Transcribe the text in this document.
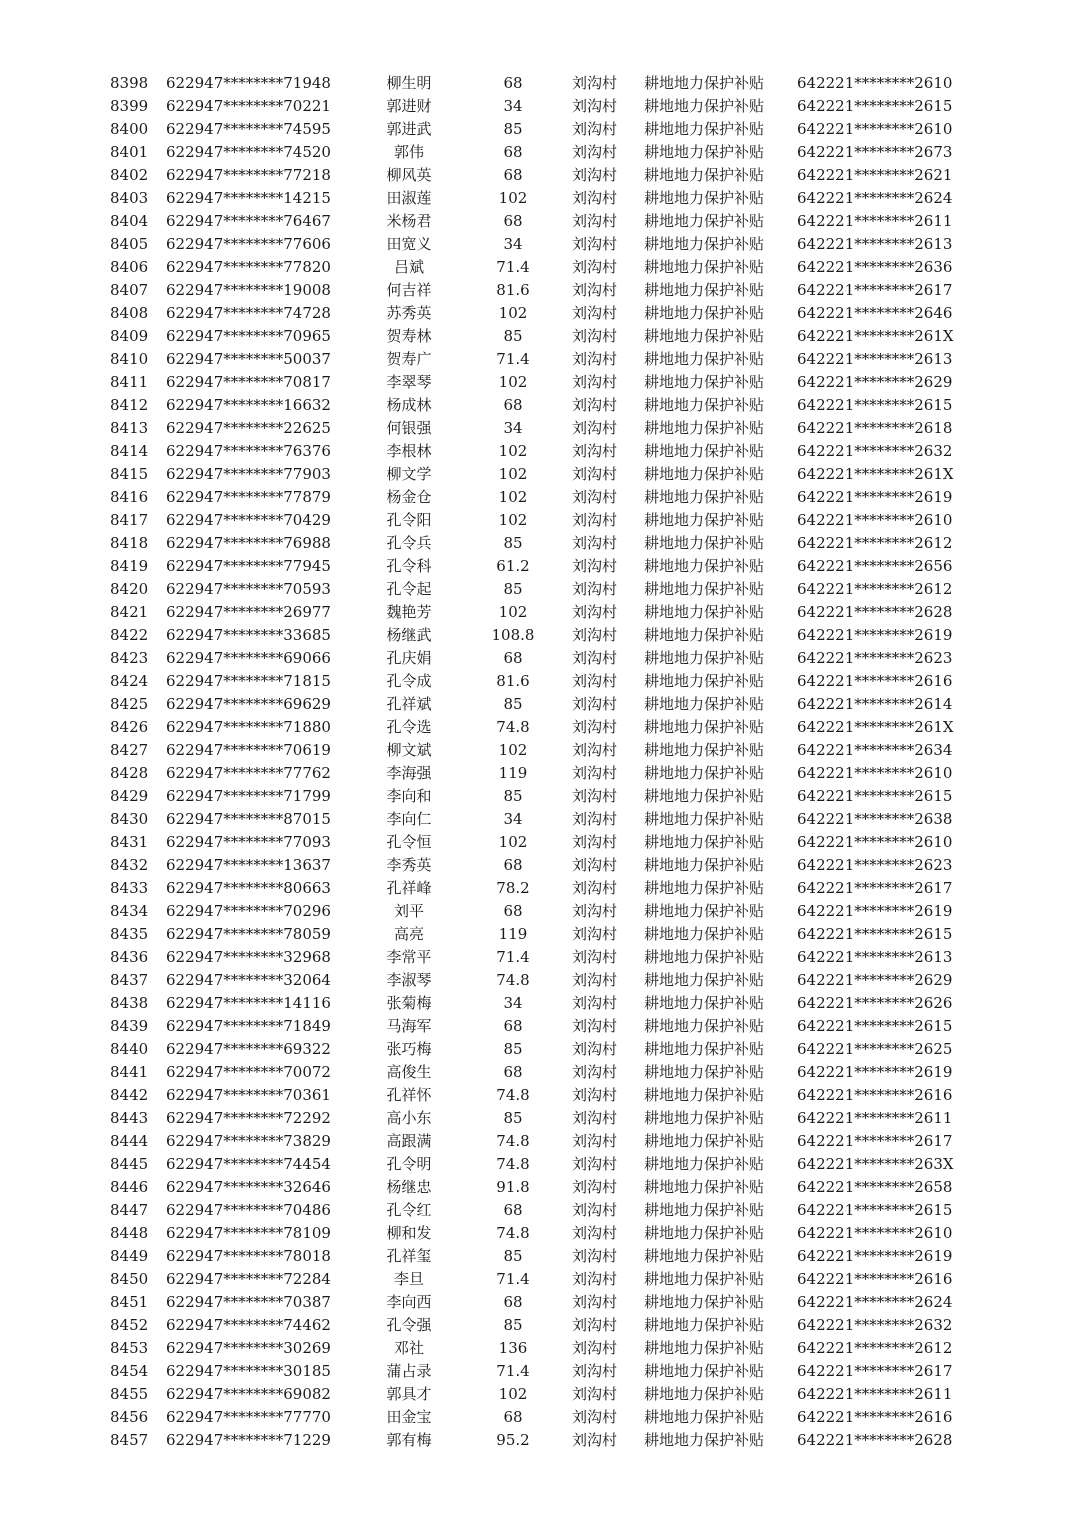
8398 622947********71948	柳生明	68	刘沟村 耕地地力保护补贴 642221********2610
8399 622947********70221	郭进财	34	刘沟村 耕地地力保护补贴 642221********2615
8400 622947********74595	郭进武	85	刘沟村 耕地地力保护补贴 642221********2610
8401 622947********74520	郭伟	68	刘沟村 耕地地力保护补贴 642221********2673
8402 622947********77218	柳风英	68	刘沟村 耕地地力保护补贴 642221********2621
8403 622947********14215	田淑莲	102	刘沟村 耕地地力保护补贴 642221********2624
8404 622947********76467	米杨君	68	刘沟村 耕地地力保护补贴 642221********2611
8405 622947********77606	田宽义	34	刘沟村 耕地地力保护补贴 642221********2613
8406 622947********77820	吕斌	71.4	刘沟村 耕地地力保护补贴 642221********2636
8407 622947********19008	何吉祥	81.6	刘沟村 耕地地力保护补贴 642221********2617
8408 622947********74728	苏秀英	102	刘沟村 耕地地力保护补贴 642221********2646
8409 622947********70965	贺寿林	85	刘沟村 耕地地力保护补贴 642221********261X
8410 622947********50037	贺寿广	71.4	刘沟村 耕地地力保护补贴 642221********2613
8411 622947********70817	李翠琴	102	刘沟村 耕地地力保护补贴 642221********2629
8412 622947********16632	杨成林	68	刘沟村 耕地地力保护补贴 642221********2615
8413 622947********22625	何银强	34	刘沟村 耕地地力保护补贴 642221********2618
8414 622947********76376	李根林	102	刘沟村 耕地地力保护补贴 642221********2632
8415 622947********77903	柳文学	102	刘沟村 耕地地力保护补贴 642221********261X
8416 622947********77879	杨金仓	102	刘沟村 耕地地力保护补贴 642221********2619
8417 622947********70429	孔令阳	102	刘沟村 耕地地力保护补贴 642221********2610
8418 622947********76988	孔令兵	85	刘沟村 耕地地力保护补贴 642221********2612
8419 622947********77945	孔令科	61.2	刘沟村 耕地地力保护补贴 642221********2656
8420 622947********70593	孔令起	85	刘沟村 耕地地力保护补贴 642221********2612
8421 622947********26977	魏艳芳	102	刘沟村 耕地地力保护补贴 642221********2628
8422 622947********33685	杨继武	108.8	刘沟村 耕地地力保护补贴 642221********2619
8423 622947********69066	孔庆娟	68	刘沟村 耕地地力保护补贴 642221********2623
8424 622947********71815	孔令成	81.6	刘沟村 耕地地力保护补贴 642221********2616
8425 622947********69629	孔祥斌	85	刘沟村 耕地地力保护补贴 642221********2614
8426 622947********71880	孔令选	74.8	刘沟村 耕地地力保护补贴 642221********261X
8427 622947********70619	柳文斌	102	刘沟村 耕地地力保护补贴 642221********2634
8428 622947********77762	李海强	119	刘沟村 耕地地力保护补贴 642221********2610
8429 622947********71799	李向和	85	刘沟村 耕地地力保护补贴 642221********2615
8430 622947********87015	李向仁	34	刘沟村 耕地地力保护补贴 642221********2638
8431 622947********77093	孔令恒	102	刘沟村 耕地地力保护补贴 642221********2610
8432 622947********13637	李秀英	68	刘沟村 耕地地力保护补贴 642221********2623
8433 622947********80663	孔祥峰	78.2	刘沟村 耕地地力保护补贴 642221********2617
8434 622947********70296	刘平	68	刘沟村 耕地地力保护补贴 642221********2619
8435 622947********78059	高亮	119	刘沟村 耕地地力保护补贴 642221********2615
8436 622947********32968	李常平	71.4	刘沟村 耕地地力保护补贴 642221********2613
8437 622947********32064	李淑琴	74.8	刘沟村 耕地地力保护补贴 642221********2629
8438 622947********14116	张菊梅	34	刘沟村 耕地地力保护补贴 642221********2626
8439 622947********71849	马海军	68	刘沟村 耕地地力保护补贴 642221********2615
8440 622947********69322	张巧梅	85	刘沟村 耕地地力保护补贴 642221********2625
8441 622947********70072	高俊生	68	刘沟村 耕地地力保护补贴 642221********2619
8442 622947********70361	孔祥怀	74.8	刘沟村 耕地地力保护补贴 642221********2616
8443 622947********72292	高小东	85	刘沟村 耕地地力保护补贴 642221********2611
8444 622947********73829	高跟满	74.8	刘沟村 耕地地力保护补贴 642221********2617
8445 622947********74454	孔令明	74.8	刘沟村 耕地地力保护补贴 642221********263X
8446 622947********32646	杨继忠	91.8	刘沟村 耕地地力保护补贴 642221********2658
8447 622947********70486	孔令红	68	刘沟村 耕地地力保护补贴 642221********2615
8448 622947********78109	柳和发	74.8	刘沟村 耕地地力保护补贴 642221********2610
8449 622947********78018	孔祥玺	85	刘沟村 耕地地力保护补贴 642221********2619
8450 622947********72284	李旦	71.4	刘沟村 耕地地力保护补贴 642221********2616
8451 622947********70387	李向西	68	刘沟村 耕地地力保护补贴 642221********2624
8452 622947********74462	孔令强	85	刘沟村 耕地地力保护补贴 642221********2632
8453 622947********30269	邓社	136	刘沟村 耕地地力保护补贴 642221********2612
8454 622947********30185	蒲占录	71.4	刘沟村 耕地地力保护补贴 642221********2617
8455 622947********69082	郭具才	102	刘沟村 耕地地力保护补贴 642221********2611
8456 622947********77770	田金宝	68	刘沟村 耕地地力保护补贴 642221********2616
8457 622947********71229	郭有梅	95.2	刘沟村 耕地地力保护补贴 642221********2628
